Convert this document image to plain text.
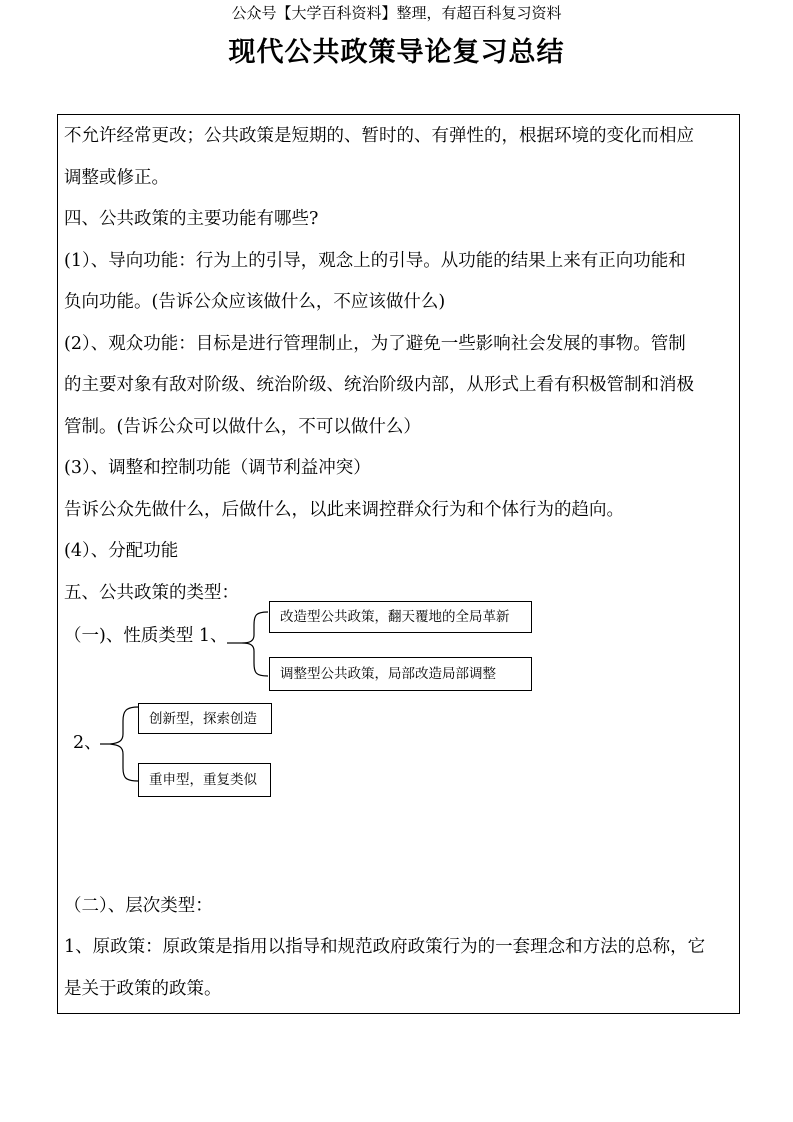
公众号【大学百科资料】整理，有超百科复习资料
现代公共政策导论复习总结
不允许经常更改；公共政策是短期的、暂时的、有弹性的，根据环境的变化而相应
调整或修正。
四、公共政策的主要功能有哪些?
(1）、导向功能：行为上的引导，观念上的引导。从功能的结果上来有正向功能和
负向功能。(告诉公众应该做什么，不应该做什么)
(2）、观众功能：目标是进行管理制止，为了避免一些影响社会发展的事物。管制
的主要对象有敌对阶级、统治阶级、统治阶级内部，从形式上看有积极管制和消极
管制。(告诉公众可以做什么，不可以做什么）
(3）、调整和控制功能（调节利益冲突）
告诉公众先做什么，后做什么，以此来调控群众行为和个体行为的趋向。
(4）、分配功能
五、公共政策的类型：
（一)、性质类型 1、
改造型公共政策，翻天覆地的全局革新
调整型公共政策，局部改造局部调整
2、
创新型，探索创造
重申型，重复类似
（二）、层次类型：
1、原政策：原政策是指用以指导和规范政府政策行为的一套理念和方法的总称，它
是关于政策的政策。
